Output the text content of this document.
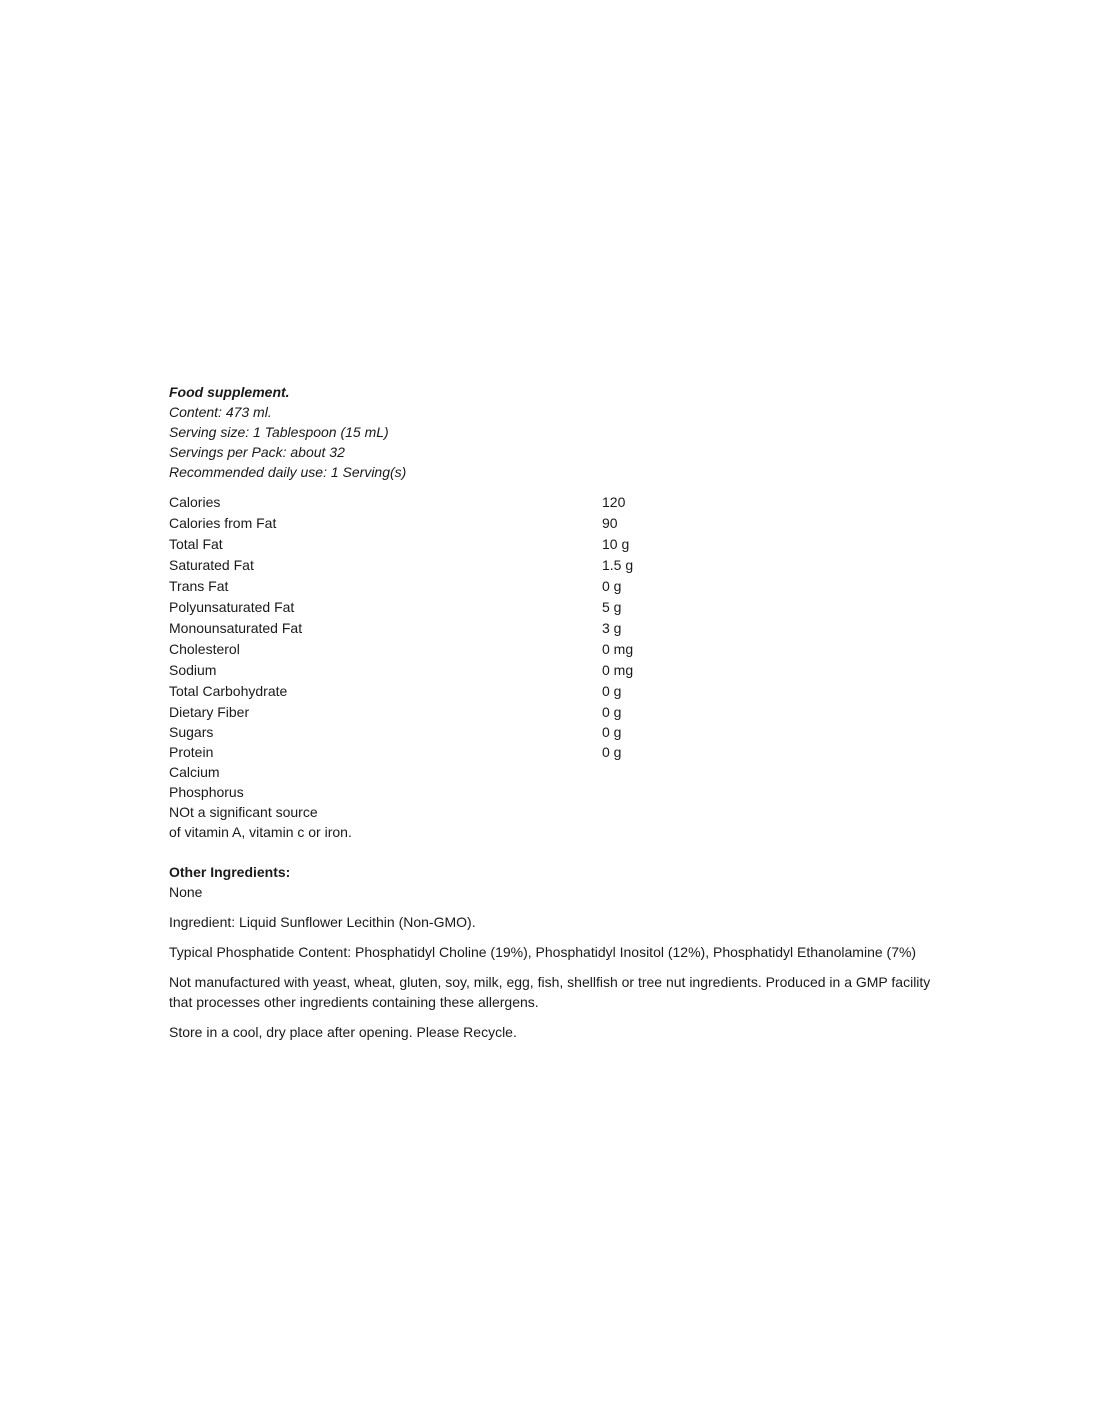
Food supplement.

Content: 473 ml.

Serving size: 1 Tablespoon (15 mL)

Servings per Pack: about 32

Recommended daily use: 1 Serving(s)

Calories	120
Calories from Fat	90
Total Fat	10 g
Saturated Fat	1.5 g
Trans Fat	0 g
Polyunsaturated Fat	5 g
Monounsaturated Fat	3 g
Cholesterol	0 mg
Sodium	0 mg
Total Carbohydrate	0 g
Dietary Fiber	0 g
Sugars	0 g
Protein	0 g
Calcium
Phosphorus
NOt a significant source
of vitamin A, vitamin c or iron.
Other Ingredients:
None
Ingredient: Liquid Sunflower Lecithin (Non-GMO).
Typical Phosphatide Content: Phosphatidyl Choline (19%), Phosphatidyl Inositol (12%), Phosphatidyl Ethanolamine (7%)
Not manufactured with yeast, wheat, gluten, soy, milk, egg, fish, shellfish or tree nut ingredients. Produced in a GMP facility
that processes other ingredients containing these allergens.
Store in a cool, dry place after opening. Please Recycle.
